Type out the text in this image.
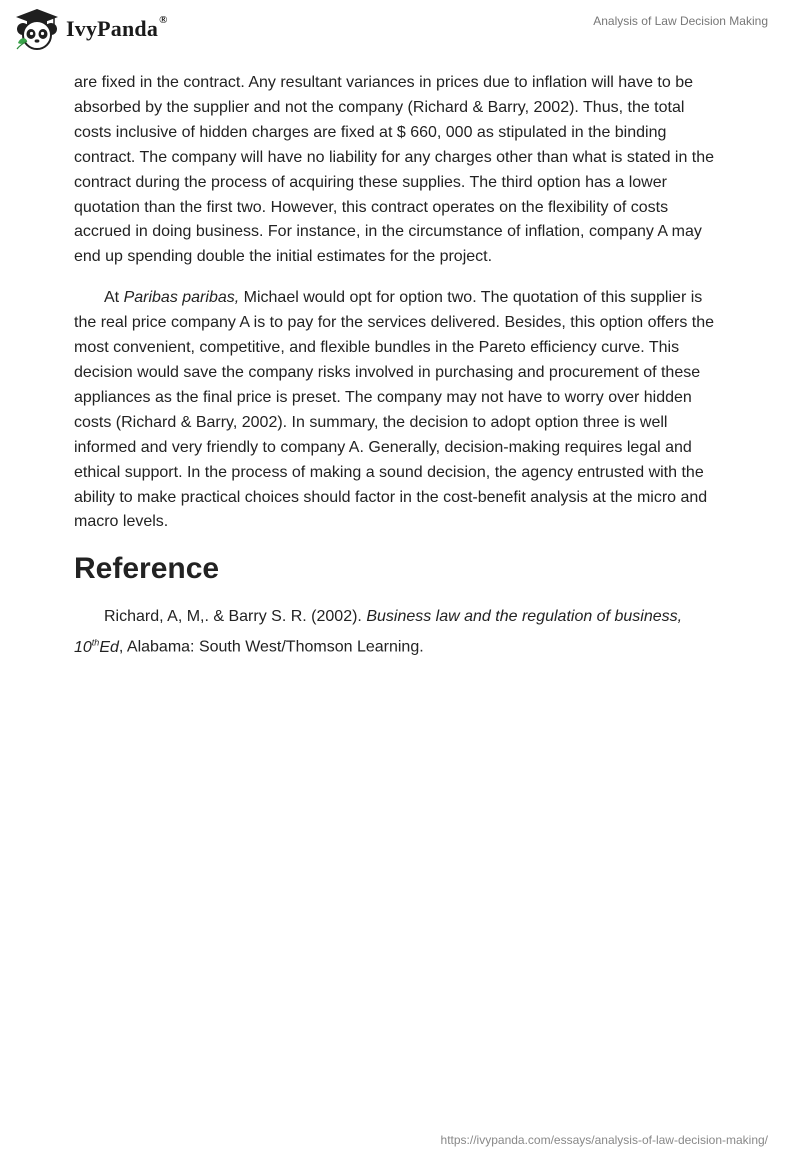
IvyPanda®	Analysis of Law Decision Making

are fixed in the contract. Any resultant variances in prices due to inflation will have to be absorbed by the supplier and not the company (Richard & Barry, 2002). Thus, the total costs inclusive of hidden charges are fixed at $ 660, 000 as stipulated in the binding contract. The company will have no liability for any charges other than what is stated in the contract during the process of acquiring these supplies. The third option has a lower quotation than the first two. However, this contract operates on the flexibility of costs accrued in doing business. For instance, in the circumstance of inflation, company A may end up spending double the initial estimates for the project.

At Paribas paribas, Michael would opt for option two. The quotation of this supplier is the real price company A is to pay for the services delivered. Besides, this option offers the most convenient, competitive, and flexible bundles in the Pareto efficiency curve. This decision would save the company risks involved in purchasing and procurement of these appliances as the final price is preset. The company may not have to worry over hidden costs (Richard & Barry, 2002). In summary, the decision to adopt option three is well informed and very friendly to company A. Generally, decision-making requires legal and ethical support. In the process of making a sound decision, the agency entrusted with the ability to make practical choices should factor in the cost-benefit analysis at the micro and macro levels.

Reference

Richard, A, M,. & Barry S. R. (2002). Business law and the regulation of business, 10thEd, Alabama: South West/Thomson Learning.

https://ivypanda.com/essays/analysis-of-law-decision-making/
